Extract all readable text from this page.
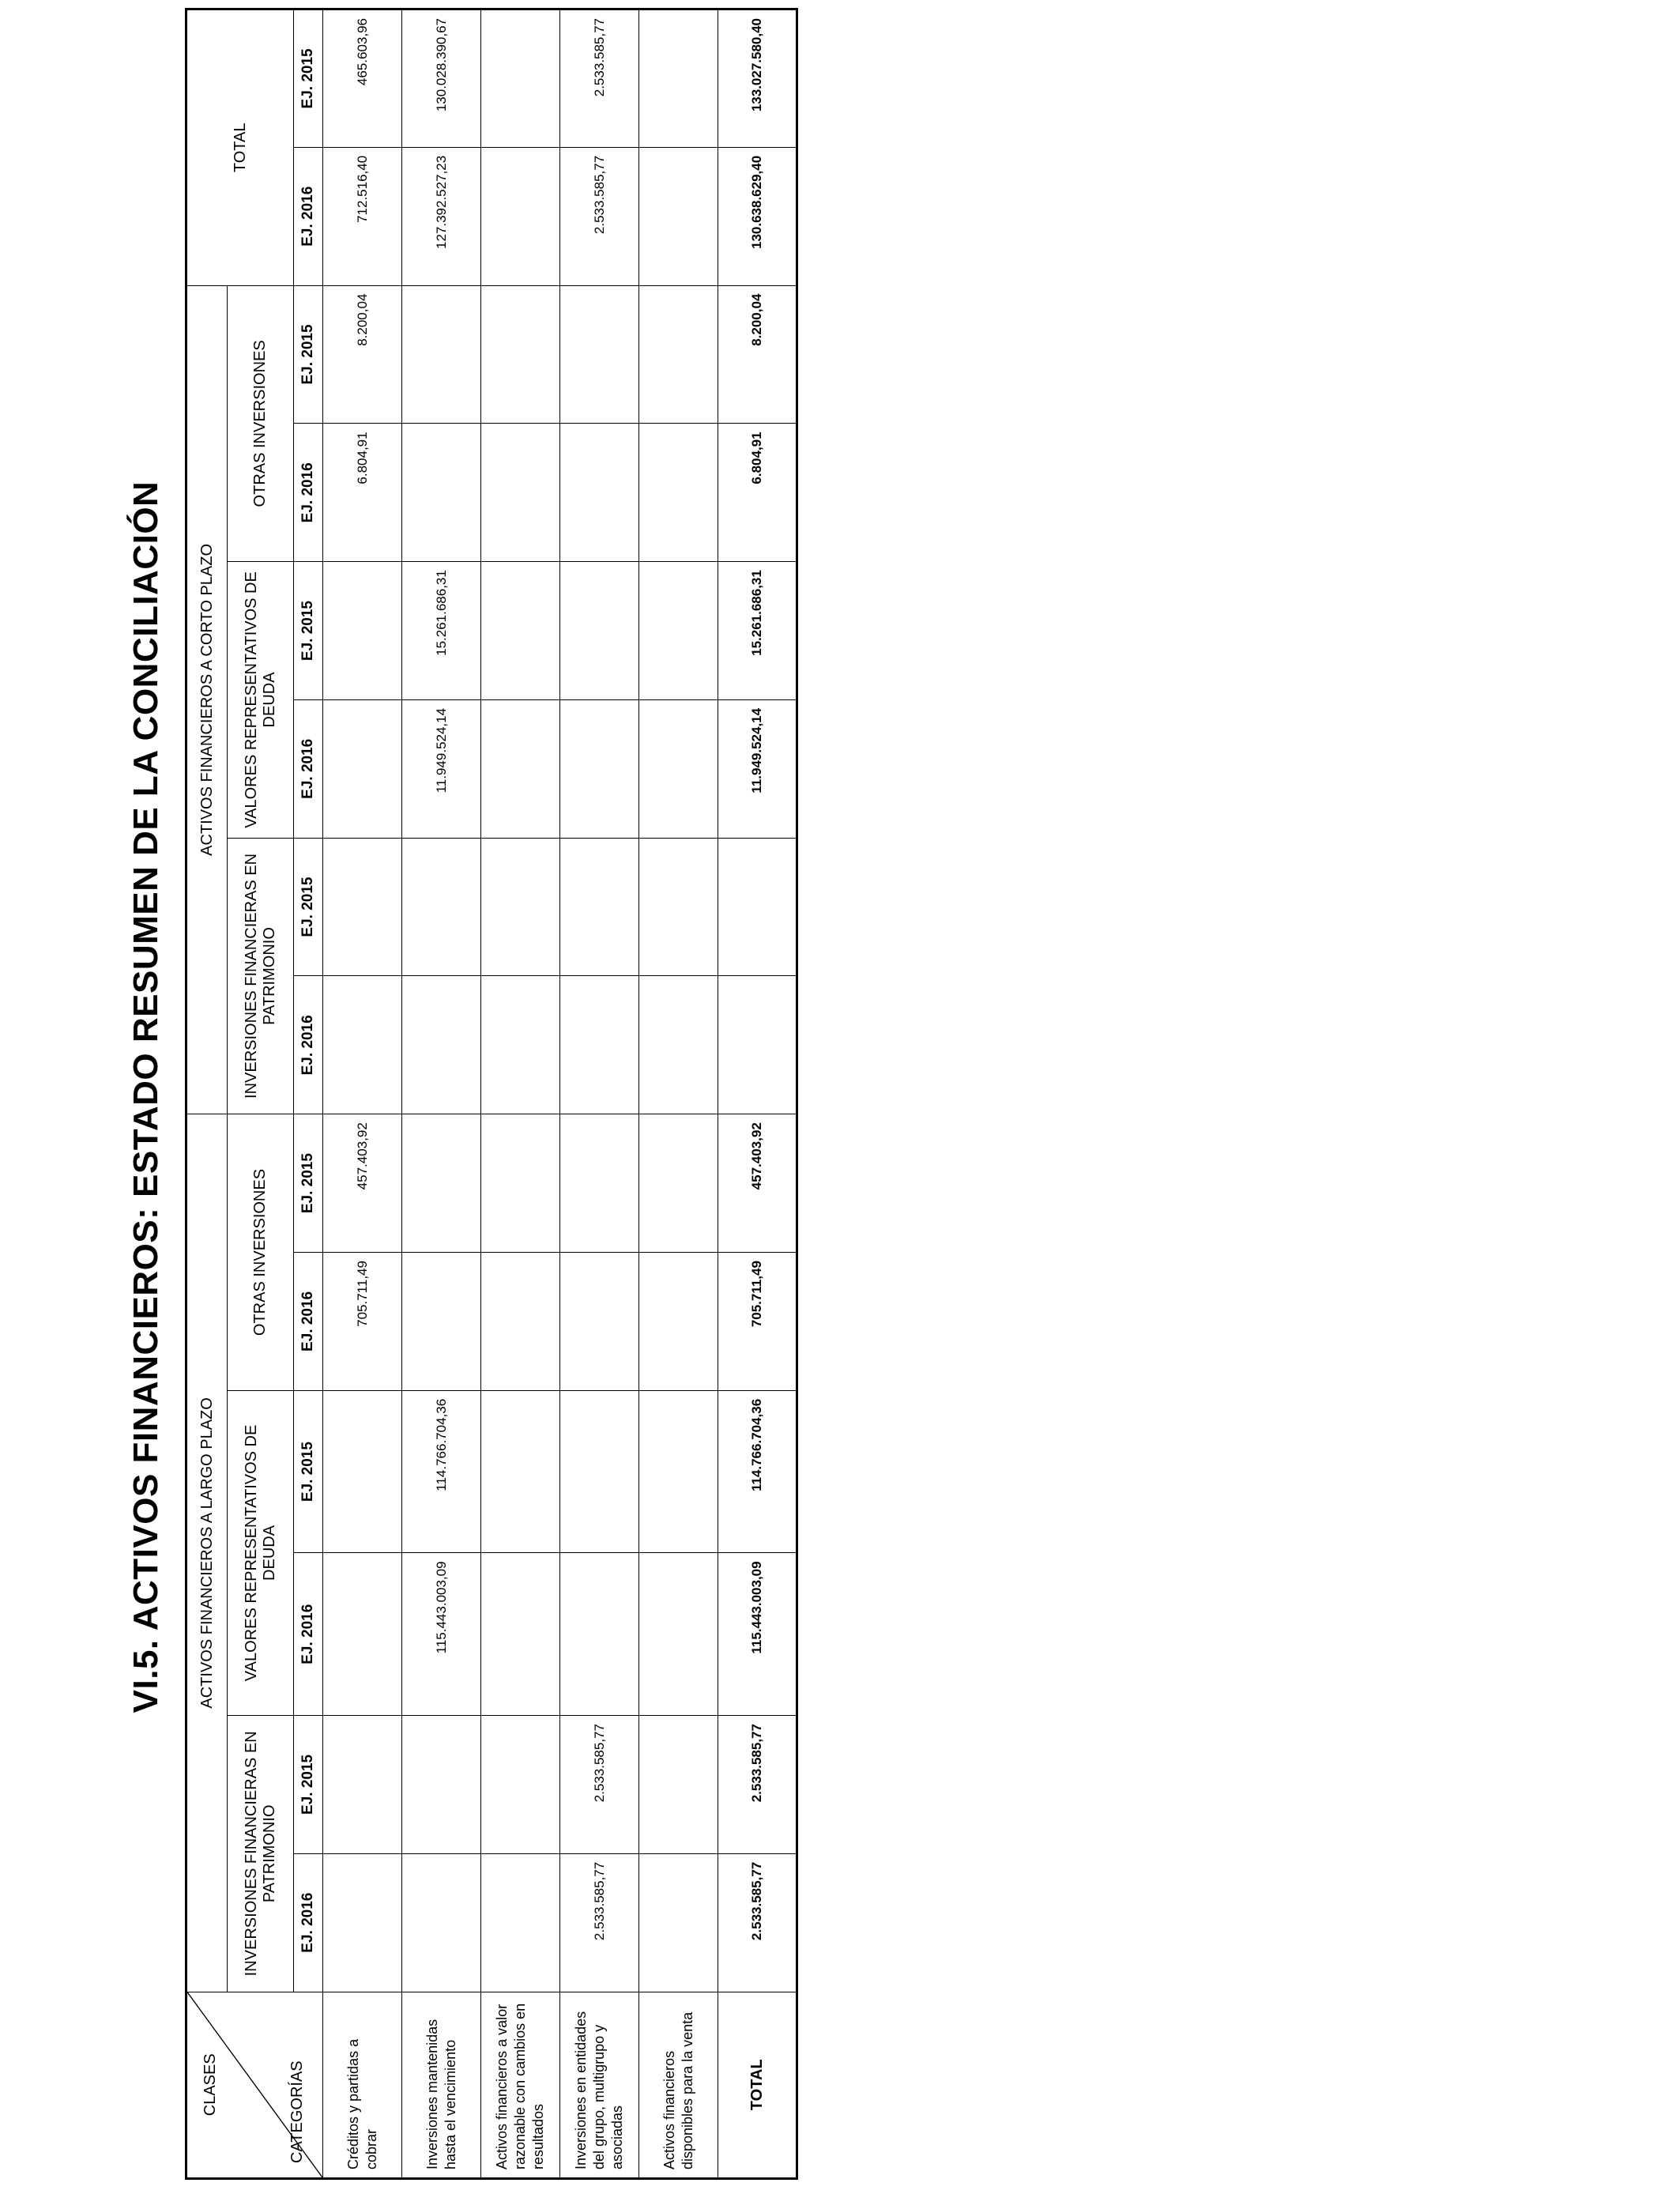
VI.5. ACTIVOS FINANCIEROS: ESTADO RESUMEN DE LA CONCILIACIÓN
CLASES CATEGORÍAS	ACTIVOS FINANCIEROS A LARGO PLAZO						ACTIVOS FINANCIEROS A CORTO PLAZO						TOTAL	
	INVERSIONES FINANCIERAS EN PATRIMONIO		VALORES REPRESENTATIVOS DE DEUDA		OTRAS INVERSIONES		INVERSIONES FINANCIERAS EN PATRIMONIO		VALORES REPRESENTATIVOS DE DEUDA		OTRAS INVERSIONES			
	EJ. 2016	EJ. 2015	EJ. 2016	EJ. 2015	EJ. 2016	EJ. 2015	EJ. 2016	EJ. 2015	EJ. 2016	EJ. 2015	EJ. 2016	EJ. 2015	EJ. 2016	EJ. 2015
Créditos y partidas a cobrar					705.711,49	457.403,92					6.804,91	8.200,04	712.516,40	465.603,96
Inversiones mantenidas hasta el vencimiento			115.443.003,09	114.766.704,36					11.949.524,14	15.261.686,31			127.392.527,23	130.028.390,67
Activos financieros a valor razonable con cambios en resultados														
Inversiones en entidades del grupo, multigrupo y asociadas	2.533.585,77	2.533.585,77											2.533.585,77	2.533.585,77
Activos financieros disponibles para la venta														
TOTAL	2.533.585,77	2.533.585,77	115.443.003,09	114.766.704,36	705.711,49	457.403,92			11.949.524,14	15.261.686,31	6.804,91	8.200,04	130.638.629,40	133.027.580,40
